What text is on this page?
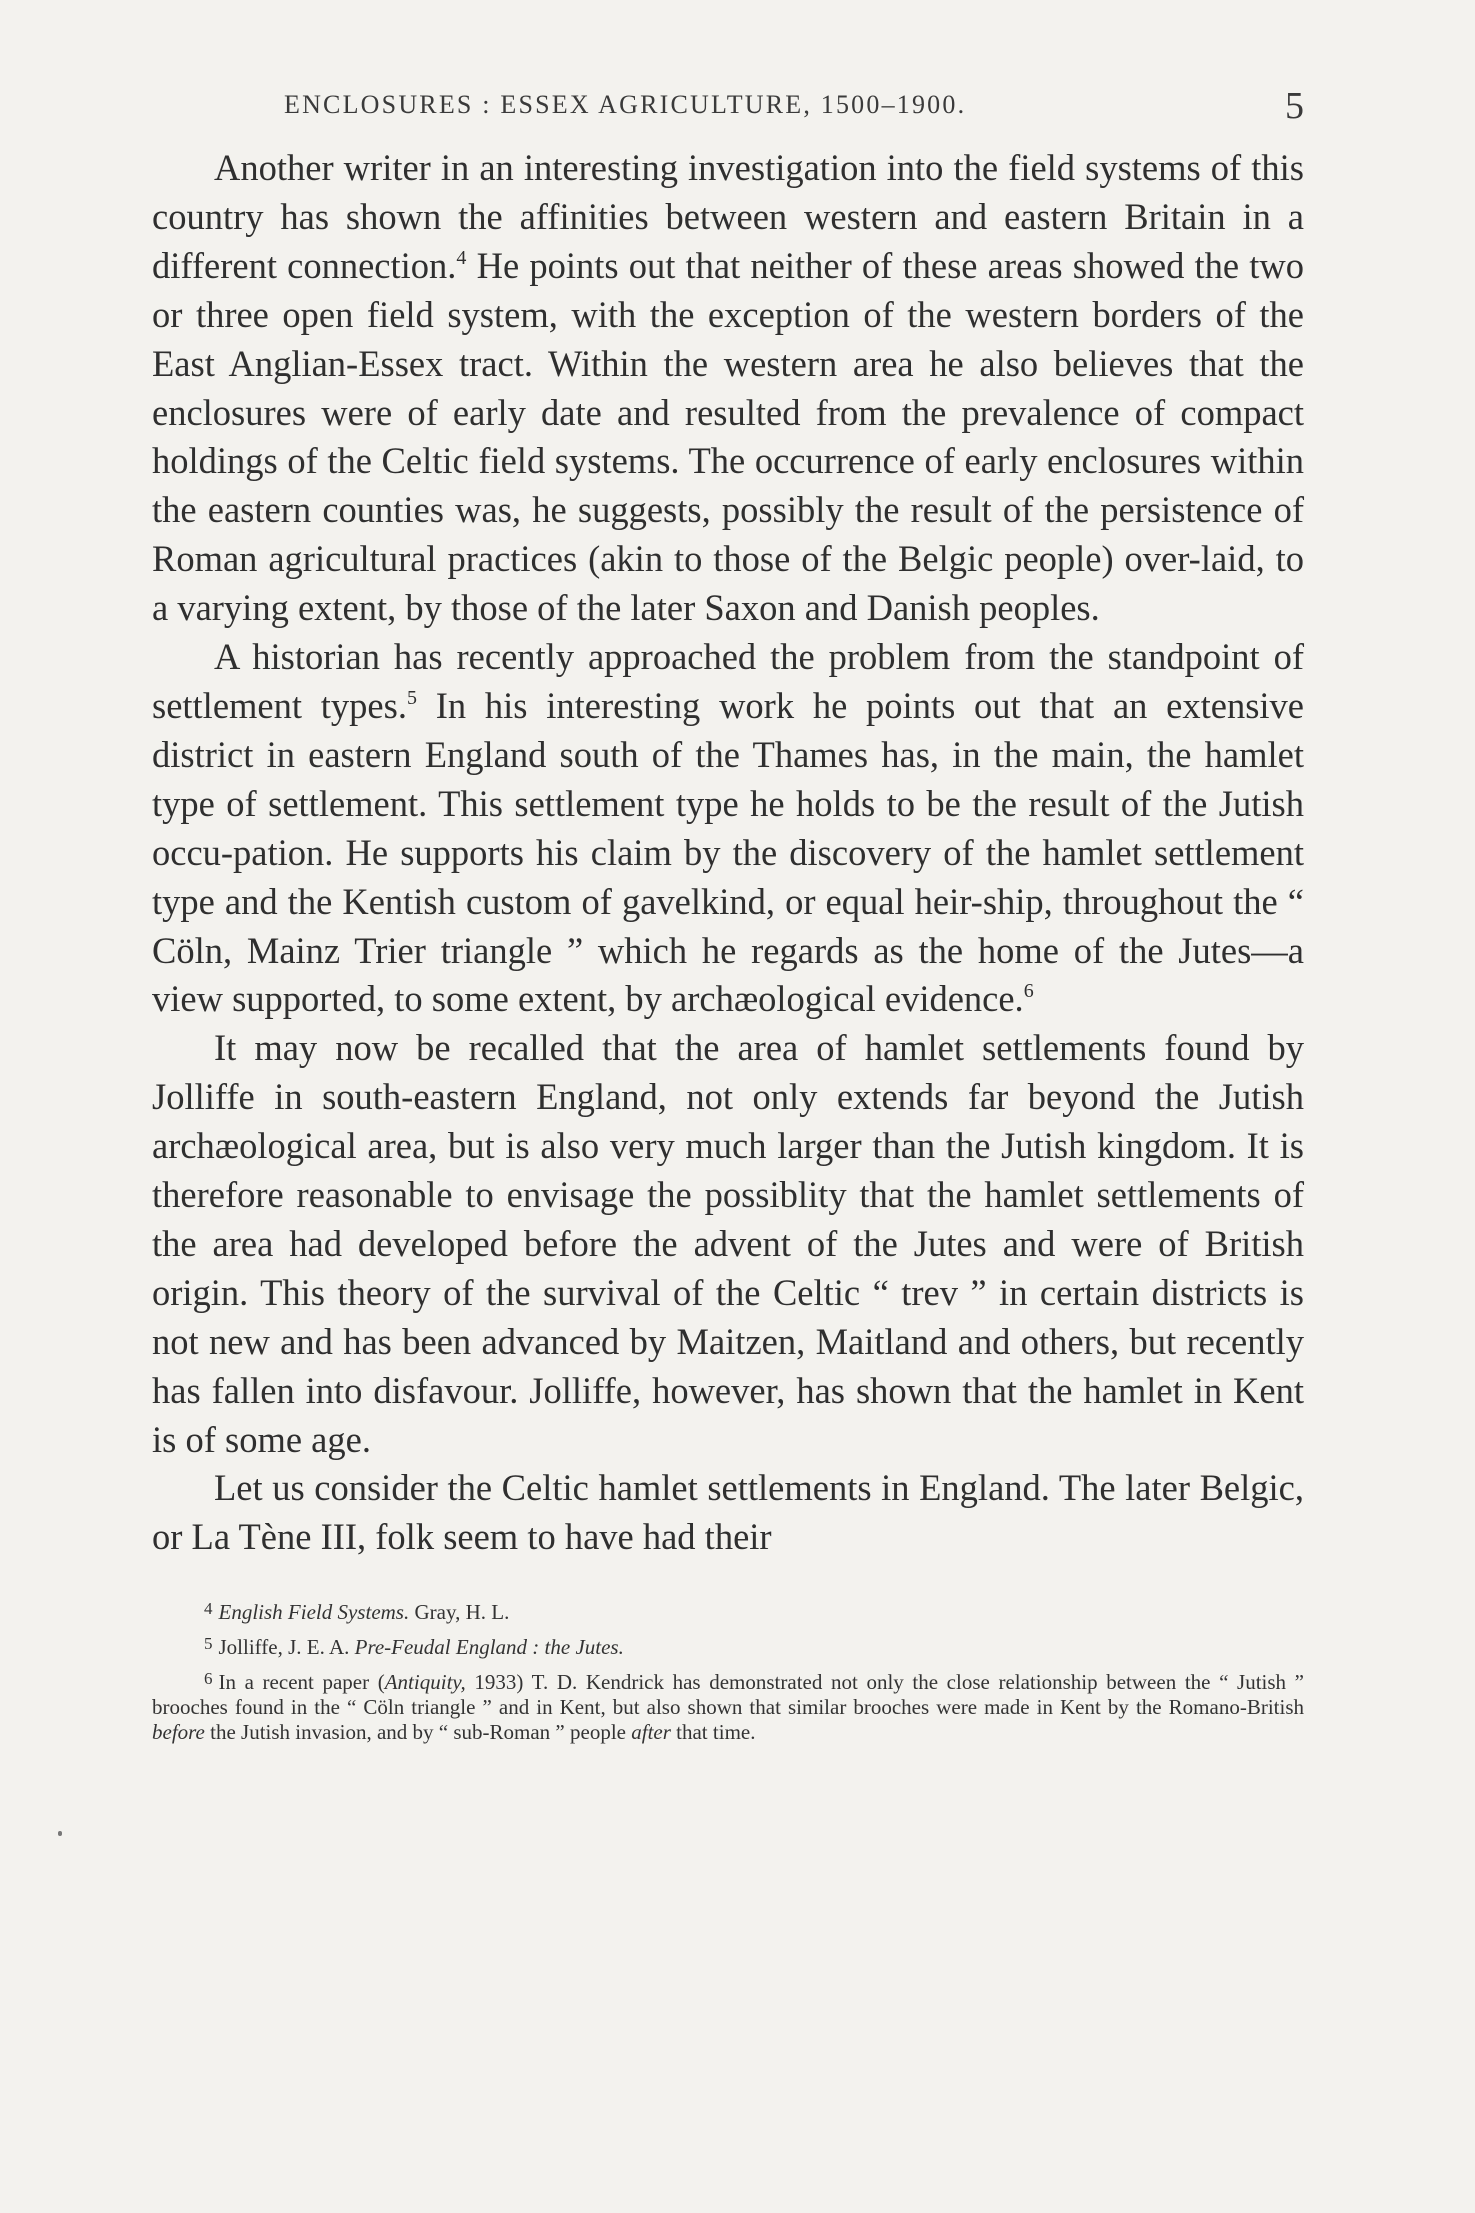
ENCLOSURES : ESSEX AGRICULTURE, 1500–1900.	5

Another writer in an interesting investigation into the field systems of this country has shown the affinities between western and eastern Britain in a different connection.$^4$ He points out that neither of these areas showed the two or three open field system, with the exception of the western borders of the East Anglian-Essex tract. Within the western area he also believes that the enclosures were of early date and resulted from the prevalence of compact holdings of the Celtic field systems. The occurrence of early enclosures within the eastern counties was, he suggests, possibly the result of the persistence of Roman agricultural practices (akin to those of the Belgic people) over-laid, to a varying extent, by those of the later Saxon and Danish peoples.

A historian has recently approached the problem from the standpoint of settlement types.$^5$ In his interesting work he points out that an extensive district in eastern England south of the Thames has, in the main, the hamlet type of settlement. This settlement type he holds to be the result of the Jutish occu-pation. He supports his claim by the discovery of the hamlet settlement type and the Kentish custom of gavelkind, or equal heir-ship, throughout the “ Cöln, Mainz Trier triangle ” which he regards as the home of the Jutes—a view supported, to some extent, by archæological evidence.$^6$

It may now be recalled that the area of hamlet settlements found by Jolliffe in south-eastern England, not only extends far beyond the Jutish archæological area, but is also very much larger than the Jutish kingdom. It is therefore reasonable to envisage the possiblity that the hamlet settlements of the area had developed before the advent of the Jutes and were of British origin. This theory of the survival of the Celtic “ trev ” in certain districts is not new and has been advanced by Maitzen, Maitland and others, but recently has fallen into disfavour. Jolliffe, however, has shown that the hamlet in Kent is of some age.

Let us consider the Celtic hamlet settlements in England. The later Belgic, or La Tène III, folk seem to have had their

$^4$ English Field Systems. Gray, H. L.
$^5$ Jolliffe, J. E. A. Pre-Feudal England : the Jutes.
$^6$ In a recent paper (Antiquity, 1933) T. D. Kendrick has demonstrated not only the close relationship between the “ Jutish ” brooches found in the “ Cöln triangle ” and in Kent, but also shown that similar brooches were made in Kent by the Romano-British before the Jutish invasion, and by “ sub-Roman ” people after that time.
